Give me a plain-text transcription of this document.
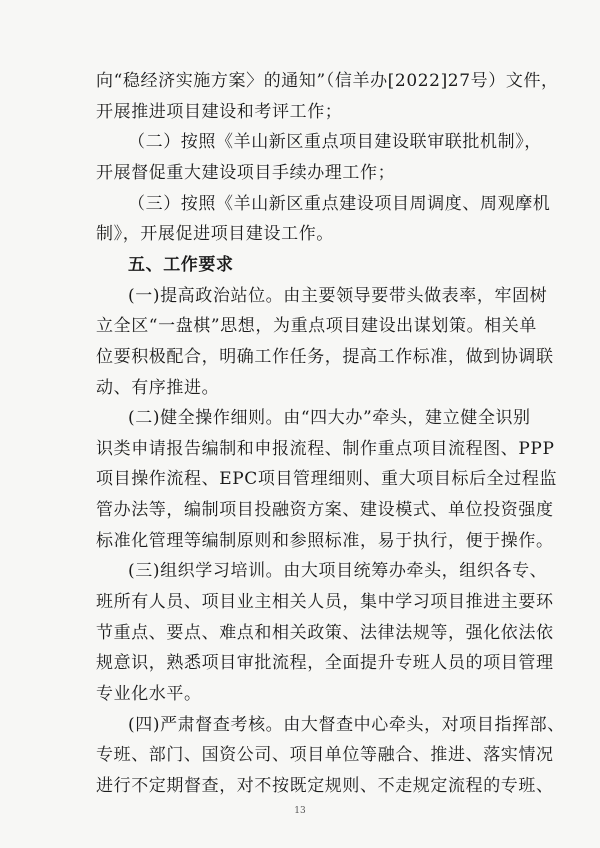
向“稳经济实施方案〉的通知”（信羊办[2022]27号）文件，
开展推进项目建设和考评工作；
（二）按照《羊山新区重点项目建设联审联批机制》，
开展督促重大建设项目手续办理工作；
（三）按照《羊山新区重点建设项目周调度、周观摩机
制》，开展促进项目建设工作。
五、工作要求
(一)提高政治站位。由主要领导要带头做表率，牢固树
立全区“一盘棋”思想，为重点项目建设出谋划策。相关单
位要积极配合，明确工作任务，提高工作标准，做到协调联
动、有序推进。
(二)健全操作细则。由“四大办”牵头，建立健全识别
识类申请报告编制和申报流程、制作重点项目流程图、PPP
项目操作流程、EPC项目管理细则、重大项目标后全过程监
管办法等，编制项目投融资方案、建设模式、单位投资强度
标准化管理等编制原则和参照标准，易于执行，便于操作。
(三)组织学习培训。由大项目统筹办牵头，组织各专、
班所有人员、项目业主相关人员，集中学习项目推进主要环
节重点、要点、难点和相关政策、法律法规等，强化依法依
规意识，熟悉项目审批流程，全面提升专班人员的项目管理
专业化水平。
(四)严肃督查考核。由大督查中心牵头，对项目指挥部、
13
专班、部门、国资公司、项目单位等融合、推进、落实情况
进行不定期督查，对不按既定规则、不走规定流程的专班、
